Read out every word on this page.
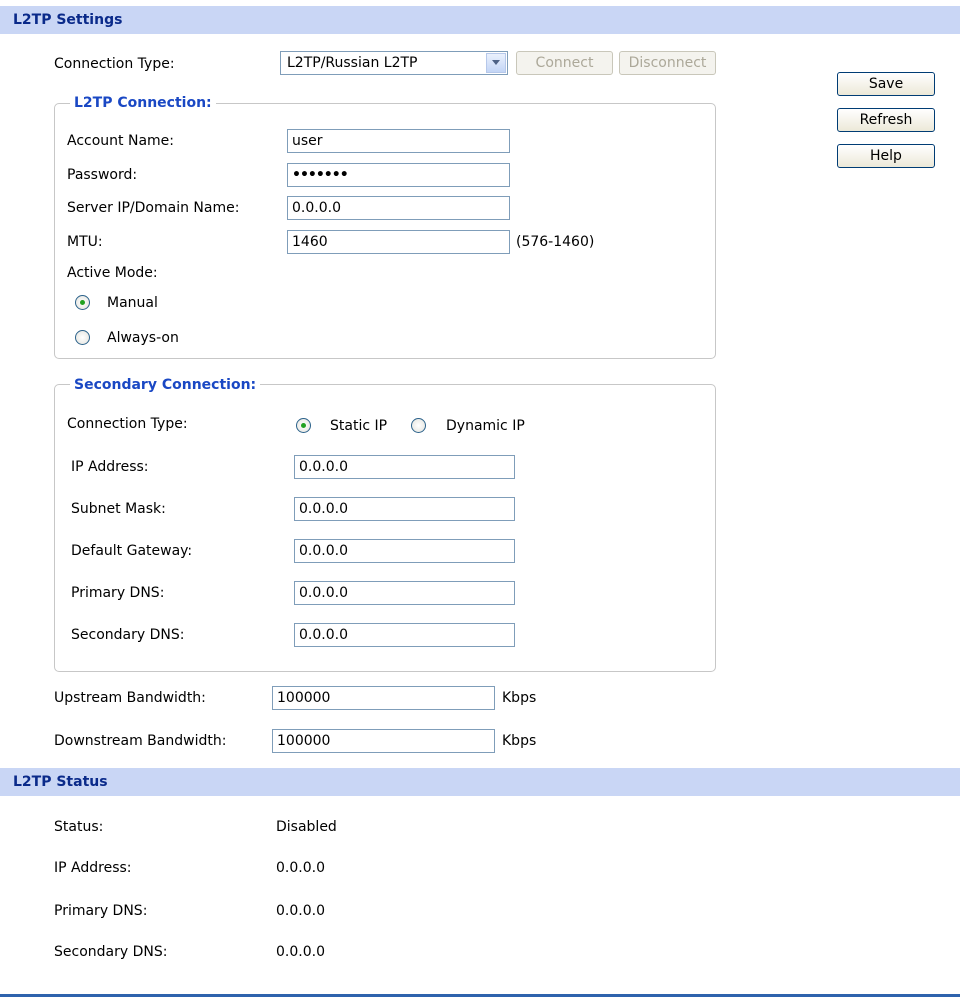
L2TP Settings
Connection Type:	L2TP/Russian L2TP	Connect	Disconnect
Save
Refresh
Help
L2TP Connection:
Account Name:	user
Password:	•••••••
Server IP/Domain Name:	0.0.0.0
MTU:	1460	(576-1460)
Active Mode:
Manual
Always-on
Secondary Connection:
Connection Type:	Static IP	Dynamic IP
IP Address:	0.0.0.0
Subnet Mask:	0.0.0.0
Default Gateway:	0.0.0.0
Primary DNS:	0.0.0.0
Secondary DNS:	0.0.0.0
Upstream Bandwidth:	100000	Kbps
Downstream Bandwidth:	100000	Kbps
L2TP Status
Status:	Disabled
IP Address:	0.0.0.0
Primary DNS:	0.0.0.0
Secondary DNS:	0.0.0.0
